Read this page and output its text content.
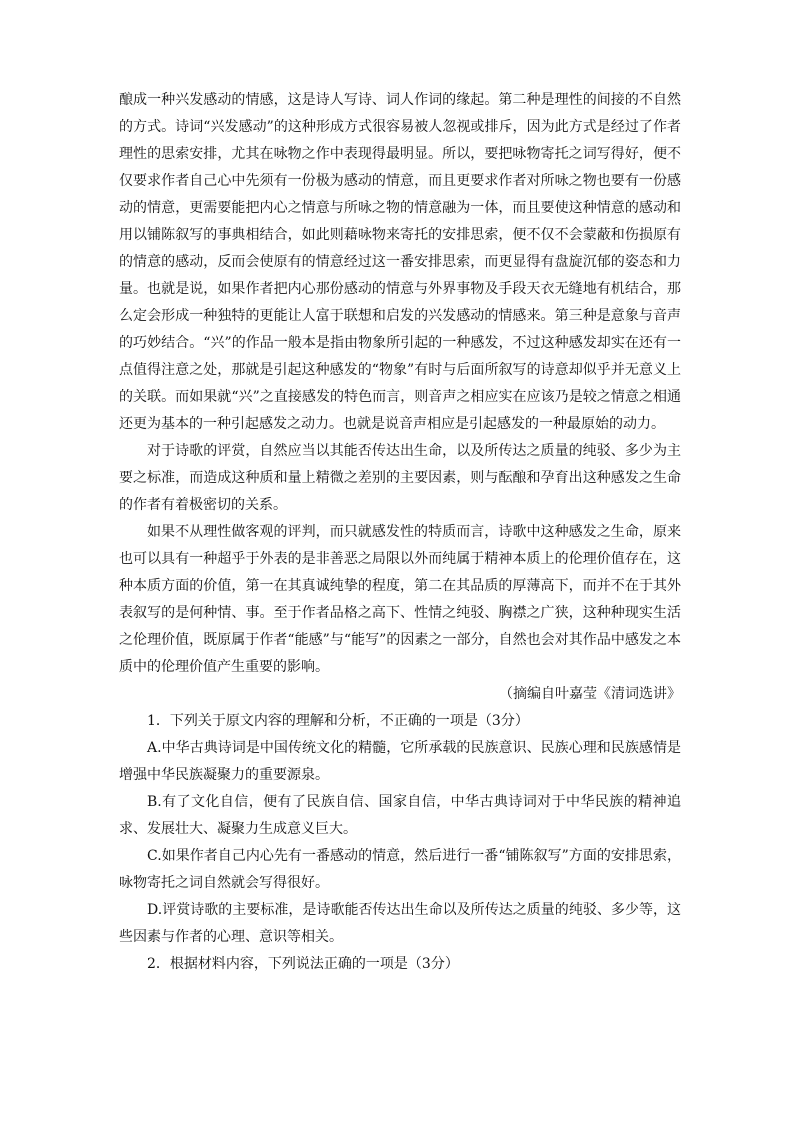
酿成一种兴发感动的情感，这是诗人写诗、词人作词的缘起。第二种是理性的间接的不自然的方式。诗词“兴发感动”的这种形成方式很容易被人忽视或排斥，因为此方式是经过了作者理性的思索安排，尤其在咏物之作中表现得最明显。所以，要把咏物寄托之词写得好，便不仅要求作者自己心中先须有一份极为感动的情意，而且更要求作者对所咏之物也要有一份感动的情意，更需要能把内心之情意与所咏之物的情意融为一体，而且要使这种情意的感动和用以铺陈叙写的事典相结合，如此则藉咏物来寄托的安排思索，便不仅不会蒙蔽和伤损原有的情意的感动，反而会使原有的情意经过这一番安排思索，而更显得有盘旋沉郁的姿态和力量。也就是说，如果作者把内心那份感动的情意与外界事物及手段天衣无缝地有机结合，那么定会形成一种独特的更能让人富于联想和启发的兴发感动的情感来。第三种是意象与音声的巧妙结合。“兴”的作品一般本是指由物象所引起的一种感发，不过这种感发却实在还有一点值得注意之处，那就是引起这种感发的“物象”有时与后面所叙写的诗意却似乎并无意义上的关联。而如果就“兴”之直接感发的特色而言，则音声之相应实在应该乃是较之情意之相通还更为基本的一种引起感发之动力。也就是说音声相应是引起感发的一种最原始的动力。

对于诗歌的评赏，自然应当以其能否传达出生命，以及所传达之质量的纯驳、多少为主要之标准，而造成这种质和量上精微之差别的主要因素，则与酝酿和孕育出这种感发之生命的作者有着极密切的关系。

如果不从理性做客观的评判，而只就感发性的特质而言，诗歌中这种感发之生命，原来也可以具有一种超乎于外表的是非善恶之局限以外而纯属于精神本质上的伦理价值存在，这种本质方面的价值，第一在其真诚纯挚的程度，第二在其品质的厚薄高下，而并不在于其外表叙写的是何种情、事。至于作者品格之高下、性情之纯驳、胸襟之广狭，这种种现实生活之伦理价值，既原属于作者“能感”与“能写”的因素之一部分，自然也会对其作品中感发之本质中的伦理价值产生重要的影响。

（摘编自叶嘉莹《清词选讲》

1．下列关于原文内容的理解和分析，不正确的一项是（3分）

A.中华古典诗词是中国传统文化的精髓，它所承载的民族意识、民族心理和民族感情是增强中华民族凝聚力的重要源泉。

B.有了文化自信，便有了民族自信、国家自信，中华古典诗词对于中华民族的精神追求、发展壮大、凝聚力生成意义巨大。

C.如果作者自己内心先有一番感动的情意，然后进行一番“铺陈叙写”方面的安排思索，咏物寄托之词自然就会写得很好。

D.评赏诗歌的主要标准，是诗歌能否传达出生命以及所传达之质量的纯驳、多少等，这些因素与作者的心理、意识等相关。

2．根据材料内容，下列说法正确的一项是（3分）
